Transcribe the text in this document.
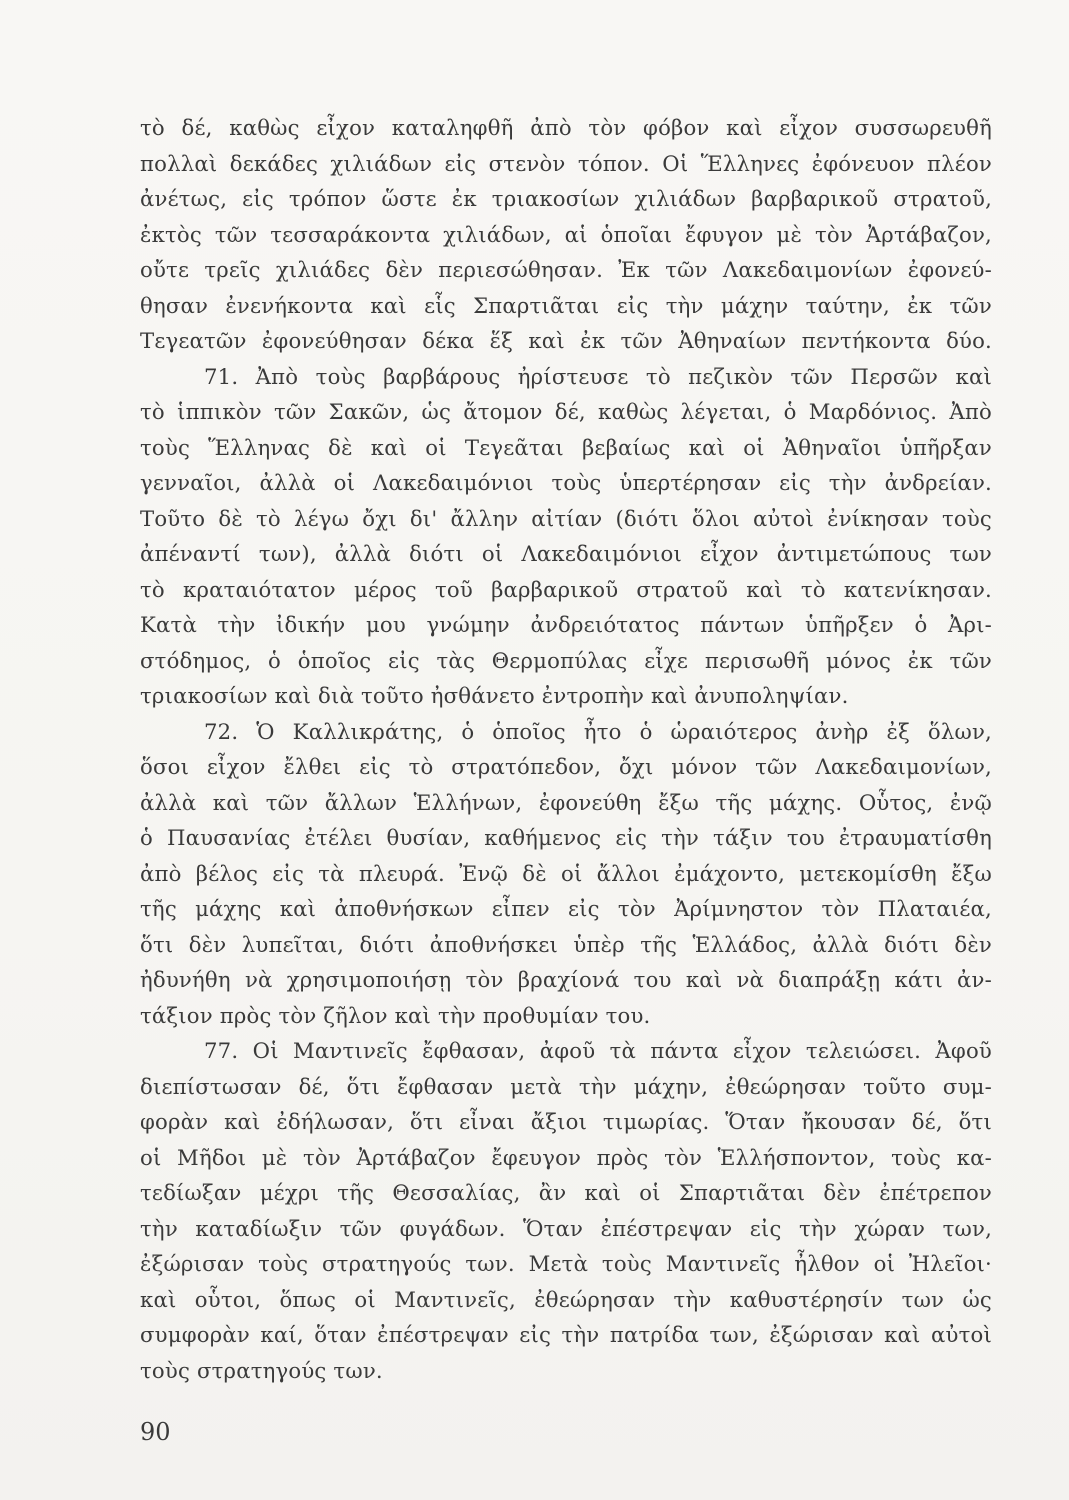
τὸ δέ, καθὼς εἶχον καταληφθῆ ἀπὸ τὸν φόβον καὶ εἶχον συσσωρευθῆ
πολλαὶ δεκάδες χιλιάδων εἰς στενὸν τόπον. Οἱ Ἕλληνες ἐφόνευον πλέον
ἀνέτως, εἰς τρόπον ὥστε ἐκ τριακοσίων χιλιάδων βαρβαρικοῦ στρατοῦ,
ἐκτὸς τῶν τεσσαράκοντα χιλιάδων, αἱ ὁποῖαι ἔφυγον μὲ τὸν Ἀρτάβαζον,
οὔτε τρεῖς χιλιάδες δὲν περιεσώθησαν. Ἐκ τῶν Λακεδαιμονίων ἐφονεύ-
θησαν ἐνενήκοντα καὶ εἷς Σπαρτιᾶται εἰς τὴν μάχην ταύτην, ἐκ τῶν
Τεγεατῶν ἐφονεύθησαν δέκα ἕξ καὶ ἐκ τῶν Ἀθηναίων πεντήκοντα δύο.
71. Ἀπὸ τοὺς βαρβάρους ἠρίστευσε τὸ πεζικὸν τῶν Περσῶν καὶ
τὸ ἱππικὸν τῶν Σακῶν, ὡς ἄτομον δέ, καθὼς λέγεται, ὁ Μαρδόνιος. Ἀπὸ
τοὺς Ἕλληνας δὲ καὶ οἱ Τεγεᾶται βεβαίως καὶ οἱ Ἀθηναῖοι ὑπῆρξαν
γενναῖοι, ἀλλὰ οἱ Λακεδαιμόνιοι τοὺς ὑπερτέρησαν εἰς τὴν ἀνδρείαν.
Τοῦτο δὲ τὸ λέγω ὄχι δι' ἄλλην αἰτίαν (διότι ὅλοι αὐτοὶ ἐνίκησαν τοὺς
ἀπέναντί των), ἀλλὰ διότι οἱ Λακεδαιμόνιοι εἶχον ἀντιμετώπους των
τὸ κραταιότατον μέρος τοῦ βαρβαρικοῦ στρατοῦ καὶ τὸ κατενίκησαν.
Κατὰ τὴν ἰδικήν μου γνώμην ἀνδρειότατος πάντων ὑπῆρξεν ὁ Ἀρι-
στόδημος, ὁ ὁποῖος εἰς τὰς Θερμοπύλας εἶχε περισωθῆ μόνος ἐκ τῶν
τριακοσίων καὶ διὰ τοῦτο ἠσθάνετο ἐντροπὴν καὶ ἀνυποληψίαν.
72. Ὁ Καλλικράτης, ὁ ὁποῖος ἦτο ὁ ὡραιότερος ἀνὴρ ἐξ ὅλων,
ὅσοι εἶχον ἔλθει εἰς τὸ στρατόπεδον, ὄχι μόνον τῶν Λακεδαιμονίων,
ἀλλὰ καὶ τῶν ἄλλων Ἑλλήνων, ἐφονεύθη ἔξω τῆς μάχης. Οὗτος, ἐνῷ
ὁ Παυσανίας ἐτέλει θυσίαν, καθήμενος εἰς τὴν τάξιν του ἐτραυματίσθη
ἀπὸ βέλος εἰς τὰ πλευρά. Ἐνῷ δὲ οἱ ἄλλοι ἐμάχοντο, μετεκομίσθη ἔξω
τῆς μάχης καὶ ἀποθνήσκων εἶπεν εἰς τὸν Ἀρίμνηστον τὸν Πλαταιέα,
ὅτι δὲν λυπεῖται, διότι ἀποθνήσκει ὑπὲρ τῆς Ἑλλάδος, ἀλλὰ διότι δὲν
ἠδυνήθη νὰ χρησιμοποιήσῃ τὸν βραχίονά του καὶ νὰ διαπράξῃ κάτι ἀν-
τάξιον πρὸς τὸν ζῆλον καὶ τὴν προθυμίαν του.
77. Οἱ Μαντινεῖς ἔφθασαν, ἀφοῦ τὰ πάντα εἶχον τελειώσει. Ἀφοῦ
διεπίστωσαν δέ, ὅτι ἔφθασαν μετὰ τὴν μάχην, ἐθεώρησαν τοῦτο συμ-
φορὰν καὶ ἐδήλωσαν, ὅτι εἶναι ἄξιοι τιμωρίας. Ὅταν ἤκουσαν δέ, ὅτι
οἱ Μῆδοι μὲ τὸν Ἀρτάβαζον ἔφευγον πρὸς τὸν Ἑλλήσποντον, τοὺς κα-
τεδίωξαν μέχρι τῆς Θεσσαλίας, ἂν καὶ οἱ Σπαρτιᾶται δὲν ἐπέτρεπον
τὴν καταδίωξιν τῶν φυγάδων. Ὅταν ἐπέστρεψαν εἰς τὴν χώραν των,
ἐξώρισαν τοὺς στρατηγούς των. Μετὰ τοὺς Μαντινεῖς ἦλθον οἱ Ἠλεῖοι·
καὶ οὗτοι, ὅπως οἱ Μαντινεῖς, ἐθεώρησαν τὴν καθυστέρησίν των ὡς
συμφορὰν καί, ὅταν ἐπέστρεψαν εἰς τὴν πατρίδα των, ἐξώρισαν καὶ αὐτοὶ
τοὺς στρατηγούς των.
90
